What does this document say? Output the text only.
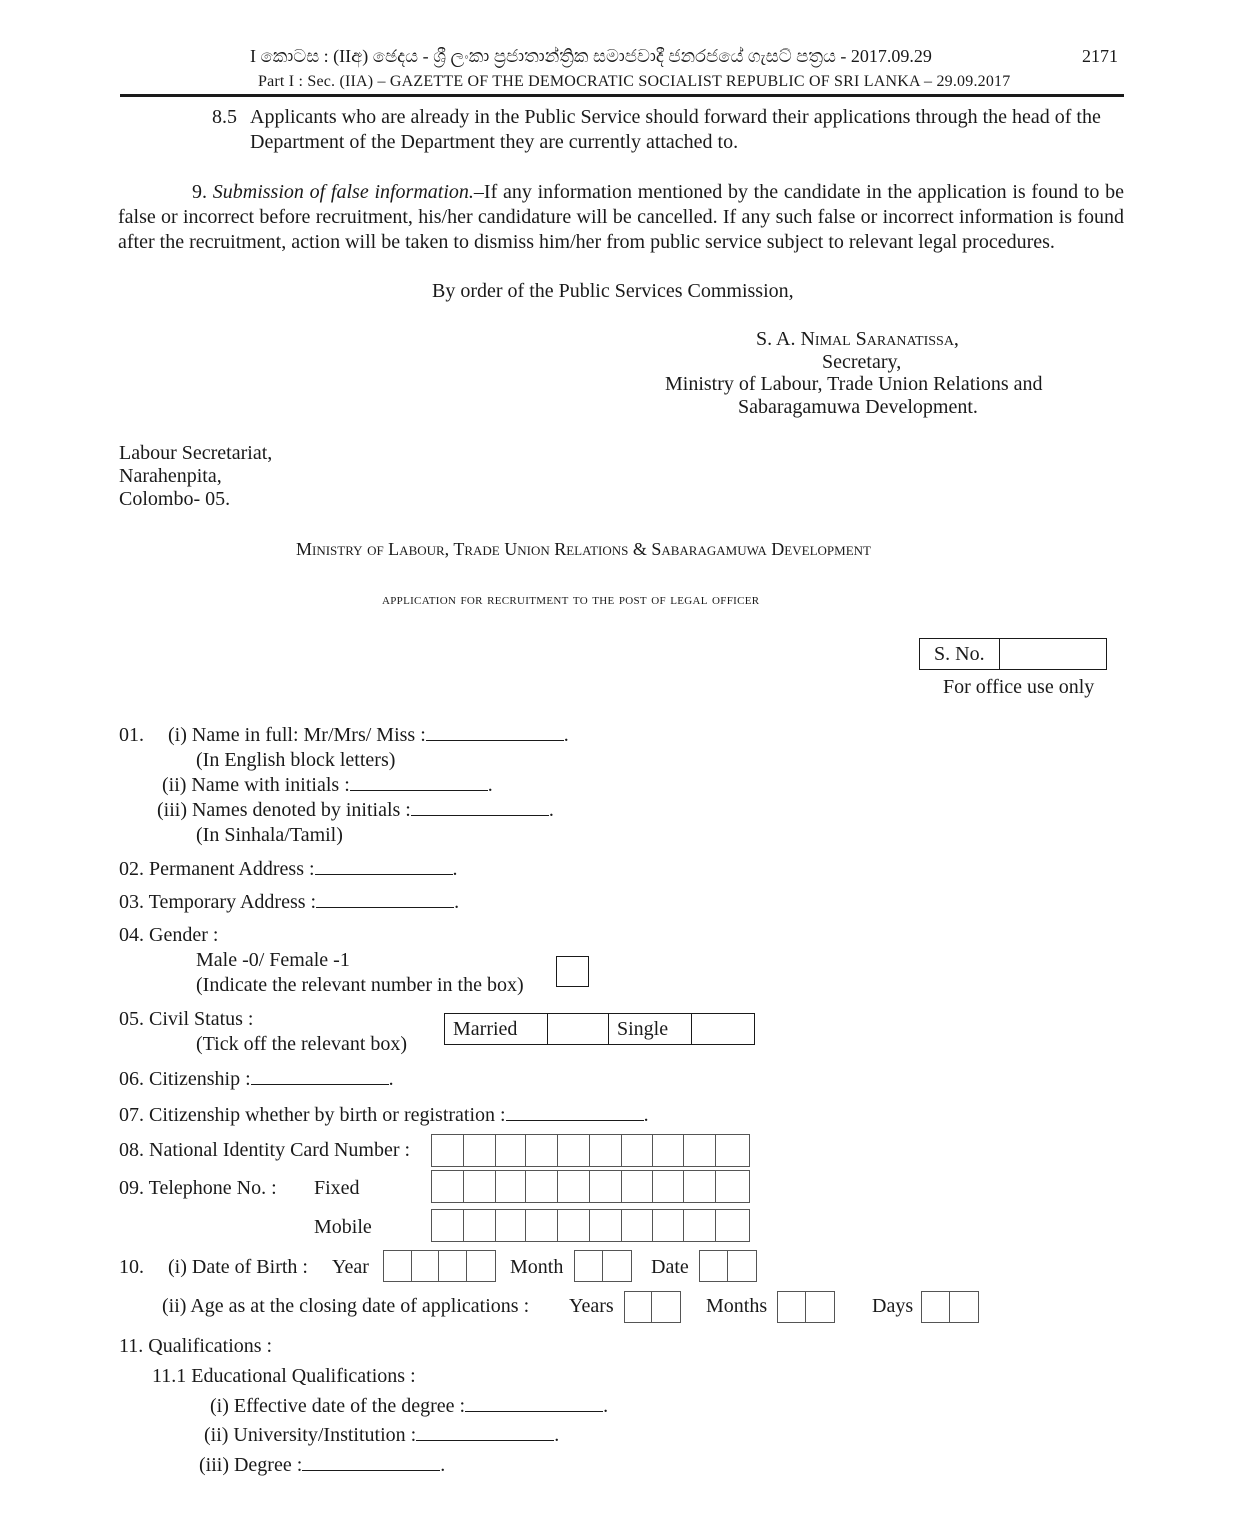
I කොටස : (IIඅ) ඡෙදය - ශ්‍රී ලංකා ප්‍රජාතාන්ත්‍රික සමාජවාදී ජනරජයේ ගැසට් පත්‍රය - 2017.09.29	2171
Part I : Sec. (IIA) – GAZETTE OF THE DEMOCRATIC SOCIALIST REPUBLIC OF SRI LANKA – 29.09.2017
8.5 Applicants who are already in the Public Service should forward their applications through the head of the
Department of the Department they are currently attached to.
9. Submission of false information.–If any information mentioned by the candidate in the application is found to be false or incorrect before recruitment, his/her candidature will be cancelled. If any such false or incorrect information is found after the recruitment, action will be taken to dismiss him/her from public service subject to relevant legal procedures.
By order of the Public Services Commission,
S. A. Nimal Saranatissa,
Secretary,
Ministry of Labour, Trade Union Relations and
Sabaragamuwa Development.
Labour Secretariat,
Narahenpita,
Colombo- 05.
Ministry of Labour, Trade Union Relations & Sabaragamuwa Development
application for recruitment to the post of legal officer
S. No.	
For office use only
01. (i) Name in full: Mr/Mrs/ Miss :	.
(In English block letters)
(ii) Name with initials :	.
(iii) Names denoted by initials :	.
(In Sinhala/Tamil)
02. Permanent Address :	.
03. Temporary Address :	.
04. Gender :
Male -0/ Female -1
(Indicate the relevant number in the box)
05. Civil Status :
(Tick off the relevant box)
Married		Single	
06. Citizenship :	.
07. Citizenship whether by birth or registration :	.
08. National Identity Card Number :
09. Telephone No. : Fixed
Mobile
10. (i) Date of Birth : Year	Month	Date
(ii) Age as at the closing date of applications : Years	Months	Days
11. Qualifications :
11.1 Educational Qualifications :
(i) Effective date of the degree :	.
(ii) University/Institution :	.
(iii) Degree :	.
